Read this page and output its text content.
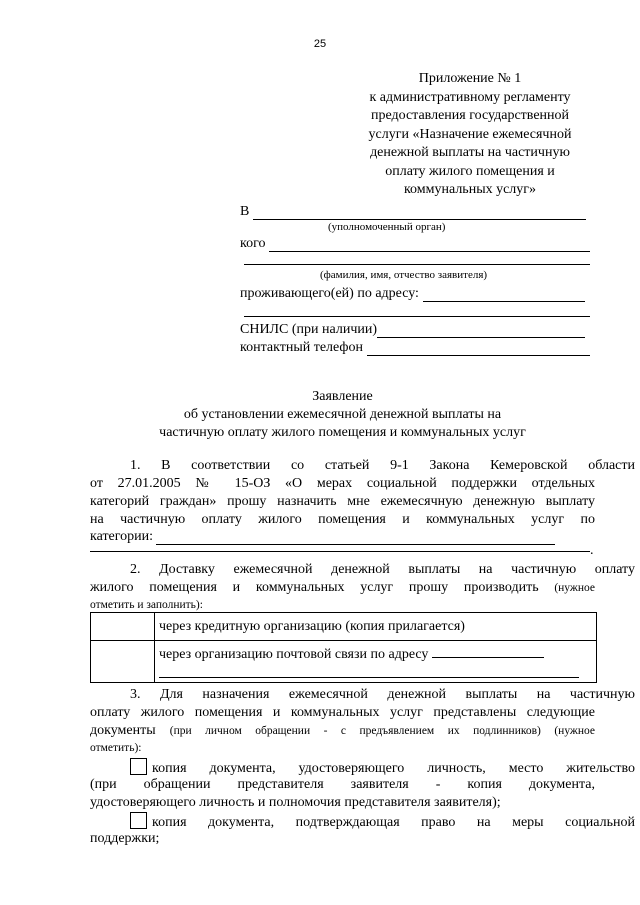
25
Приложение № 1
к административному регламенту
предоставления государственной
услуги «Назначение ежемесячной
денежной выплаты на частичную
оплату жилого помещения и
коммунальных услуг»
В
(уполномоченный орган)
кого
(фамилия, имя, отчество заявителя)
проживающего(ей) по адресу:
СНИЛС (при наличии)
контактный телефон
Заявление
об установлении ежемесячной денежной выплаты на
частичную оплату жилого помещения и коммунальных услуг
1. В соответствии со статьей 9-1 Закона Кемеровской области
от 27.01.2005 № 15-ОЗ «О мерах социальной поддержки отдельных
категорий граждан» прошу назначить мне ежемесячную денежную выплату
на частичную оплату жилого помещения и коммунальных услуг по
категории:
.
2. Доставку ежемесячной денежной выплаты на частичную оплату
жилого помещения и коммунальных услуг прошу производить (нужное
отметить и заполнить):
	через кредитную организацию (копия прилагается)
	через организацию почтовой связи по адресу
3. Для назначения ежемесячной денежной выплаты на частичную
оплату жилого помещения и коммунальных услуг представлены следующие
документы (при личном обращении - с предъявлением их подлинников) (нужное
отметить):
копия документа, удостоверяющего личность, место жительство
(при обращении представителя заявителя - копия документа,
удостоверяющего личность и полномочия представителя заявителя);
копия документа, подтверждающая право на меры социальной
поддержки;
